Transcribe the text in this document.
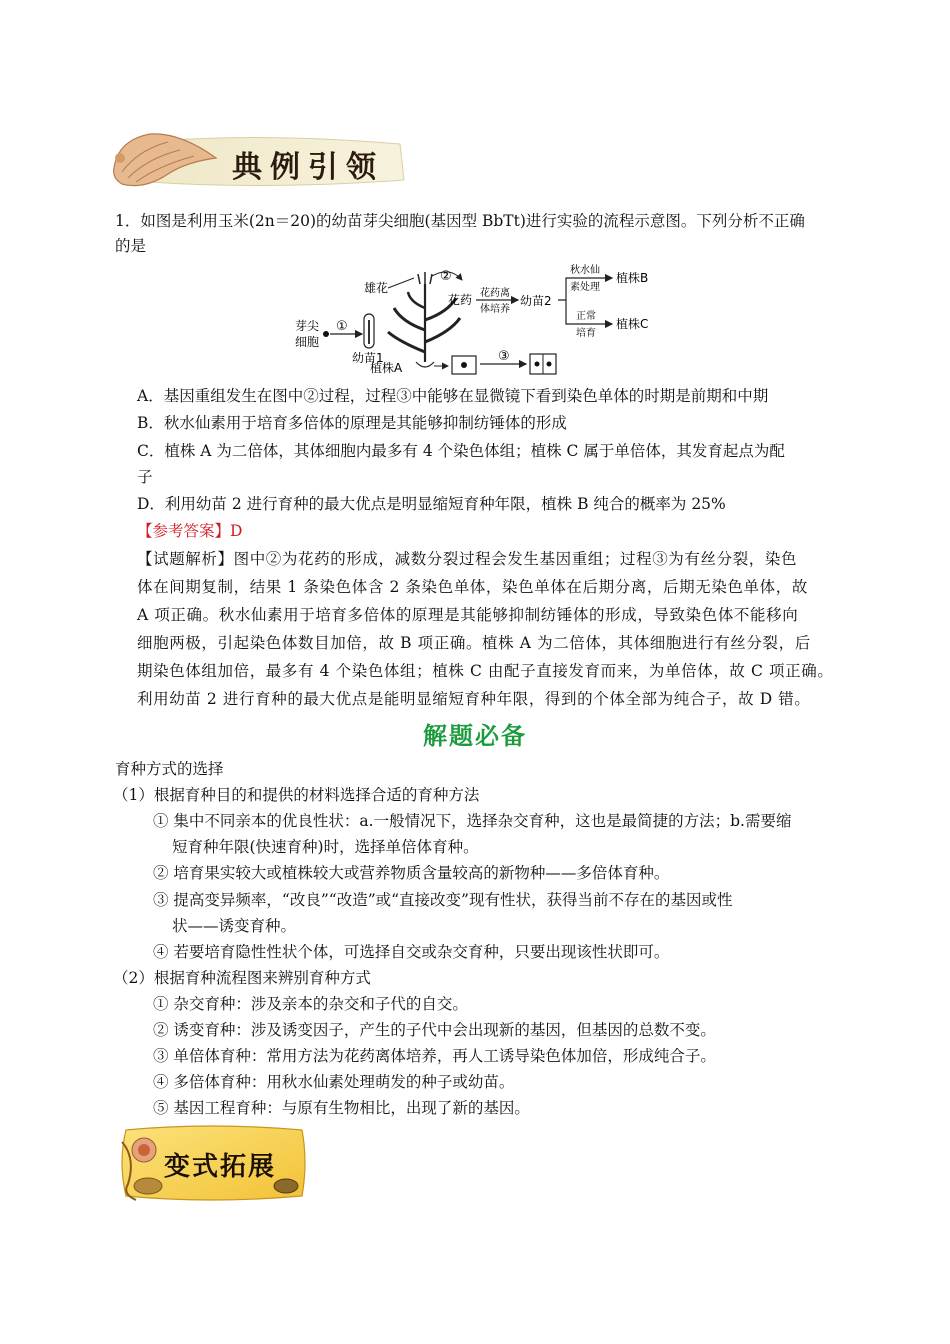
典例引领
1．如图是利用玉米(2n＝20)的幼苗芽尖细胞(基因型 BbTt)进行实验的流程示意图。下列分析不正确
的是
芽尖
细胞
①
幼苗1
雄花
植株A
②
花药 花药离
体培养
幼苗2
秋水仙
素处理
植株B
正常
培育
植株C
③
A．基因重组发生在图中②过程，过程③中能够在显微镜下看到染色单体的时期是前期和中期
B．秋水仙素用于培育多倍体的原理是其能够抑制纺锤体的形成
C．植株 A 为二倍体，其体细胞内最多有 4 个染色体组；植株 C 属于单倍体，其发育起点为配
子
D．利用幼苗 2 进行育种的最大优点是明显缩短育种年限，植株 B 纯合的概率为 25%
【参考答案】D
【试题解析】图中②为花药的形成，减数分裂过程会发生基因重组；过程③为有丝分裂，染色
体在间期复制，结果 1 条染色体含 2 条染色单体，染色单体在后期分离，后期无染色单体，故
A 项正确。秋水仙素用于培育多倍体的原理是其能够抑制纺锤体的形成，导致染色体不能移向
细胞两极，引起染色体数目加倍，故 B 项正确。植株 A 为二倍体，其体细胞进行有丝分裂，后
期染色体组加倍，最多有 4 个染色体组；植株 C 由配子直接发育而来，为单倍体，故 C 项正确。
利用幼苗 2 进行育种的最大优点是能明显缩短育种年限，得到的个体全部为纯合子，故 D 错。
解题必备
育种方式的选择
（1）根据育种目的和提供的材料选择合适的育种方法
① 集中不同亲本的优良性状：a.一般情况下，选择杂交育种，这也是最简捷的方法；b.需要缩
短育种年限(快速育种)时，选择单倍体育种。
② 培育果实较大或植株较大或营养物质含量较高的新物种——多倍体育种。
③ 提高变异频率，“改良”“改造”或“直接改变”现有性状，获得当前不存在的基因或性
状——诱变育种。
④ 若要培育隐性性状个体，可选择自交或杂交育种，只要出现该性状即可。
（2）根据育种流程图来辨别育种方式
① 杂交育种：涉及亲本的杂交和子代的自交。
② 诱变育种：涉及诱变因子，产生的子代中会出现新的基因，但基因的总数不变。
③ 单倍体育种：常用方法为花药离体培养，再人工诱导染色体加倍，形成纯合子。
④ 多倍体育种：用秋水仙素处理萌发的种子或幼苗。
⑤ 基因工程育种：与原有生物相比，出现了新的基因。
变式拓展
